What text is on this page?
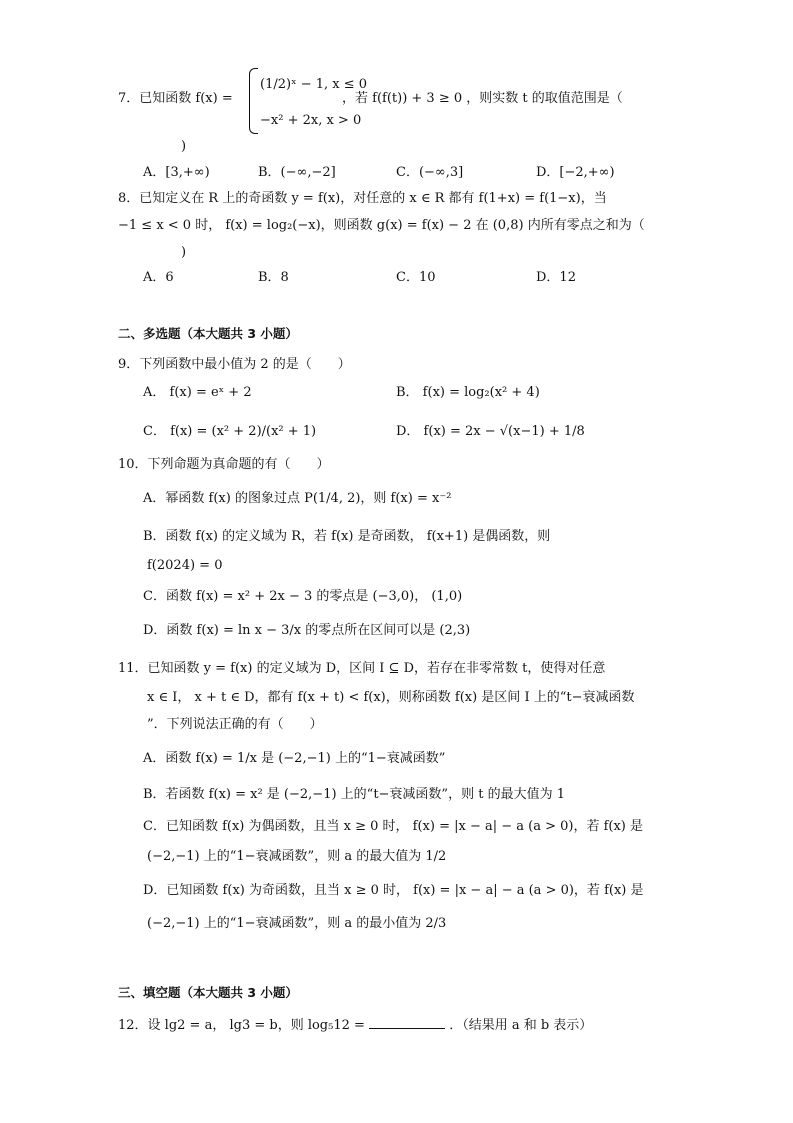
7．已知函数 f(x) =
(1/2)ˣ − 1, x ≤ 0
−x² + 2x, x > 0
，若 f(f(t)) + 3 ≥ 0 ，则实数 t 的取值范围是（
)
A．[3,+∞)	B．(−∞,−2]	C．(−∞,3]	D．[−2,+∞)
8．已知定义在 R 上的奇函数 y = f(x)，对任意的 x ∈ R 都有 f(1+x) = f(1−x)，当
−1 ≤ x < 0 时， f(x) = log₂(−x)，则函数 g(x) = f(x) − 2 在 (0,8) 内所有零点之和为（
)
A．6	B．8	C．10	D．12
二、多选题（本大题共 3 小题）
9．下列函数中最小值为 2 的是（　　）
A． f(x) = eˣ + 2	B． f(x) = log₂(x² + 4)
C． f(x) = (x² + 2)/(x² + 1)	D． f(x) = 2x − √(x−1) + 1/8
10．下列命题为真命题的有（　　）
A．幂函数 f(x) 的图象过点 P(1/4, 2)，则 f(x) = x⁻²
B．函数 f(x) 的定义域为 R，若 f(x) 是奇函数， f(x+1) 是偶函数，则
f(2024) = 0
C．函数 f(x) = x² + 2x − 3 的零点是 (−3,0)， (1,0)
D．函数 f(x) = ln x − 3/x 的零点所在区间可以是 (2,3)
11．已知函数 y = f(x) 的定义域为 D，区间 I ⊆ D，若存在非零常数 t，使得对任意
x ∈ I， x + t ∈ D，都有 f(x + t) < f(x)，则称函数 f(x) 是区间 I 上的“t−衰减函数
”．下列说法正确的有（　　）
A．函数 f(x) = 1/x 是 (−2,−1) 上的“1−衰减函数”
B．若函数 f(x) = x² 是 (−2,−1) 上的“t−衰减函数”，则 t 的最大值为 1
C．已知函数 f(x) 为偶函数，且当 x ≥ 0 时， f(x) = |x − a| − a (a > 0)，若 f(x) 是
(−2,−1) 上的“1−衰减函数”，则 a 的最大值为 1/2
D．已知函数 f(x) 为奇函数，且当 x ≥ 0 时， f(x) = |x − a| − a (a > 0)，若 f(x) 是
(−2,−1) 上的“1−衰减函数”，则 a 的最小值为 2/3
三、填空题（本大题共 3 小题）
12．设 lg2 = a， lg3 = b，则 log₅12 =	．（结果用 a 和 b 表示）
